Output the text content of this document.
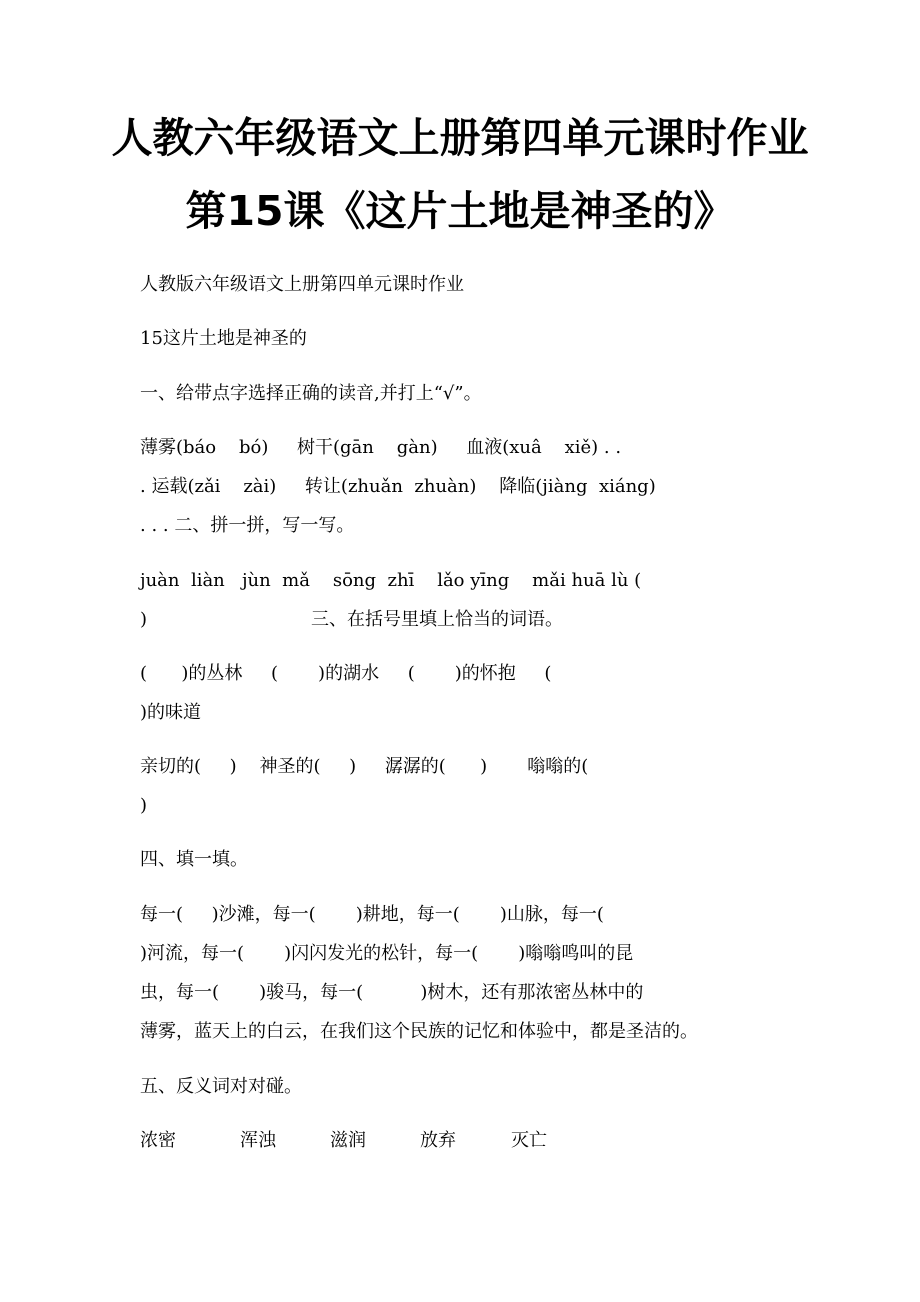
人教六年级语文上册第四单元课时作业
第15课《这片土地是神圣的》
人教版六年级语文上册第四单元课时作业
15这片土地是神圣的
一、给带点字选择正确的读音,并打上“√”。
薄雾(báo    bó)     树干(gān    gàn)     血液(xuâ    xiě) . .
. 运载(zǎi    zài)     转让(zhuǎn  zhuàn)    降临(jiàng  xiáng)
. . . 二、拼一拼，写一写。
juàn  liàn   jùn  mǎ    sōng  zhī    lǎo yīng    mǎi huā lù (
)	三、在括号里填上恰当的词语。
(      )的丛林     (       )的湖水     (       )的怀抱     (
)的味道
亲切的(     )    神圣的(     )     潺潺的(      )       嗡嗡的(
)
四、填一填。
每一(     )沙滩，每一(       )耕地，每一(       )山脉，每一(
)河流，每一(       )闪闪发光的松针，每一(       )嗡嗡鸣叫的昆
虫，每一(       )骏马，每一(          )树木，还有那浓密丛林中的
薄雾，蓝天上的白云，在我们这个民族的记忆和体验中，都是圣洁的。
五、反义词对对碰。
浓密	浑浊	滋润	放弃	灭亡
